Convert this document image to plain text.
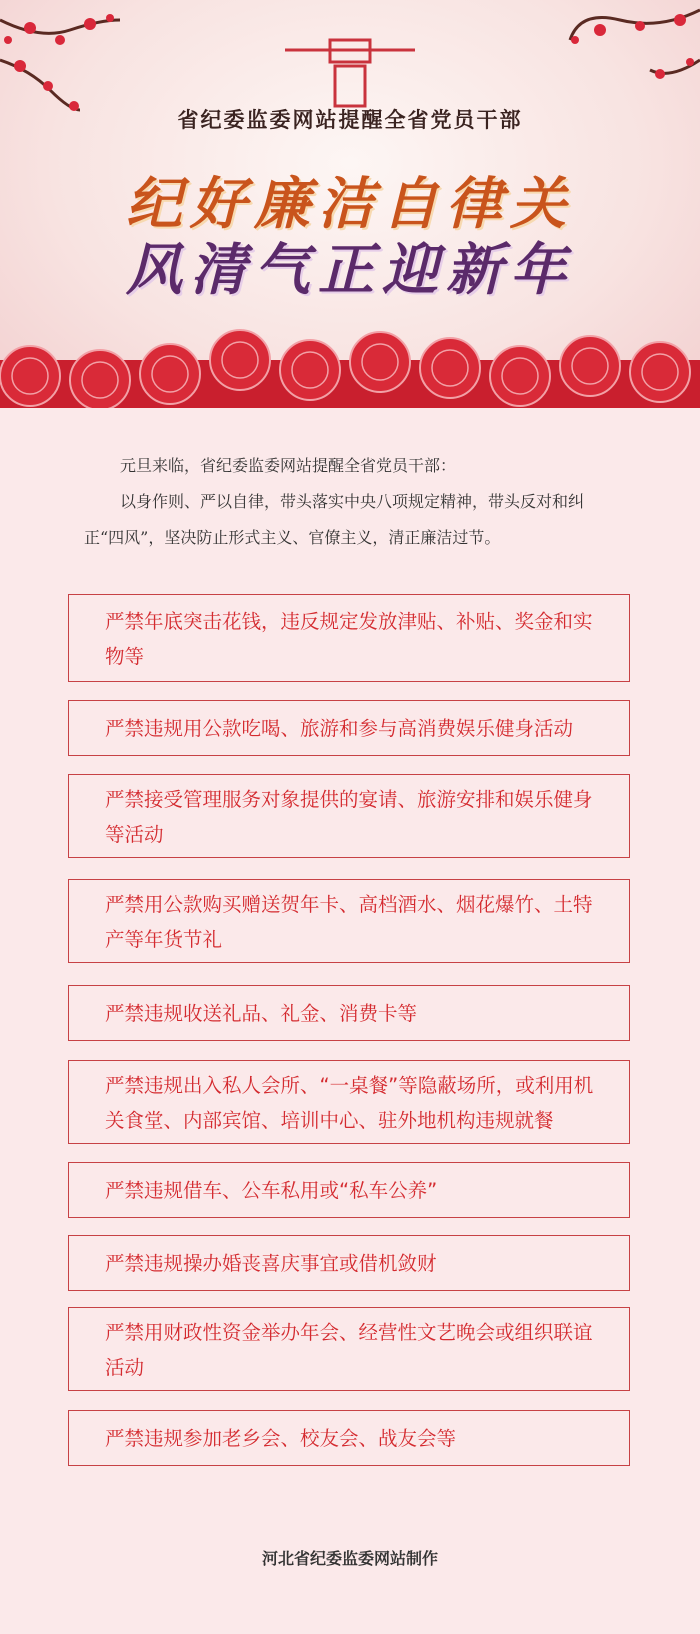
省纪委监委网站提醒全省党员干部
纪好廉洁自律关
风清气正迎新年

元旦来临，省纪委监委网站提醒全省党员干部：

以身作则、严以自律，带头落实中央八项规定精神，带头反对和纠正“四风”，坚决防止形式主义、官僚主义，清正廉洁过节。

严禁年底突击花钱，违反规定发放津贴、补贴、奖金和实物等
严禁违规用公款吃喝、旅游和参与高消费娱乐健身活动
严禁接受管理服务对象提供的宴请、旅游安排和娱乐健身等活动
严禁用公款购买赠送贺年卡、高档酒水、烟花爆竹、土特产等年货节礼
严禁违规收送礼品、礼金、消费卡等
严禁违规出入私人会所、“一桌餐”等隐蔽场所，或利用机关食堂、内部宾馆、培训中心、驻外地机构违规就餐
严禁违规借车、公车私用或“私车公养”
严禁违规操办婚丧喜庆事宜或借机敛财
严禁用财政性资金举办年会、经营性文艺晚会或组织联谊活动
严禁违规参加老乡会、校友会、战友会等
河北省纪委监委网站制作
